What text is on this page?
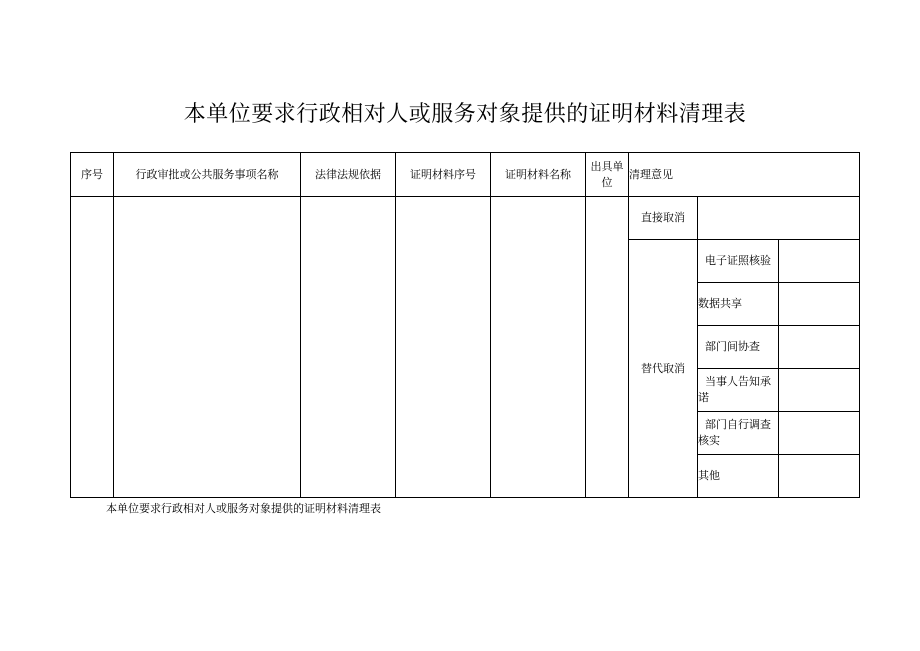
本单位要求行政相对人或服务对象提供的证明材料清理表
序号	行政审批或公共服务事项名称	法律法规依据	证明材料序号	证明材料名称	出具单位	清理意见		
						直接取消		
						替代取消	电子证照核验	
							数据共享	
							部门间协查	
							当事人告知承诺	
							部门自行调查核实	
							其他	
本单位要求行政相对人或服务对象提供的证明材料清理表
